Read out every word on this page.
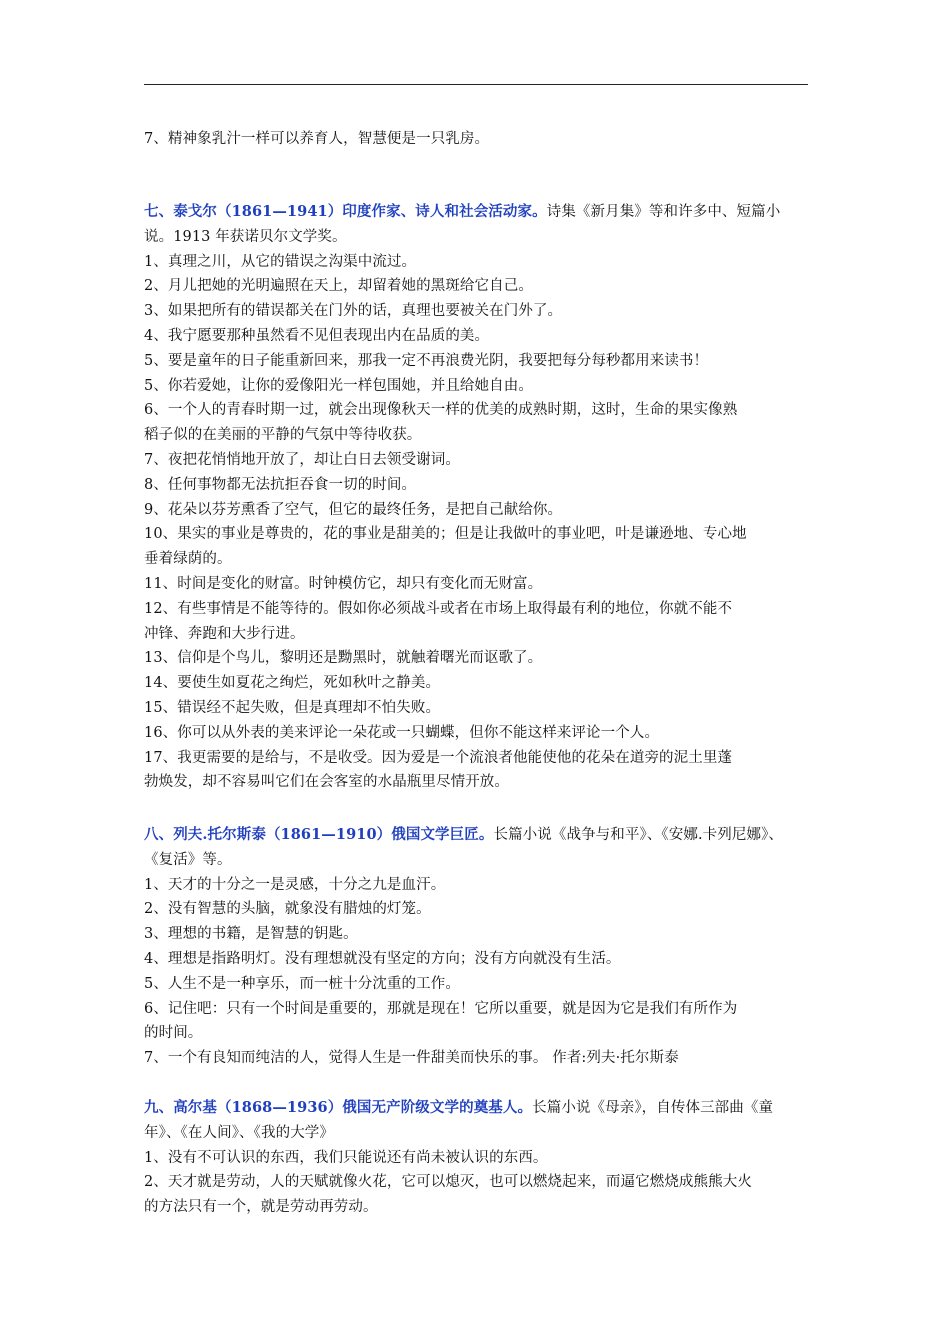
7、精神象乳汁一样可以养育人，智慧便是一只乳房。
七、泰戈尔（1861—1941）印度作家、诗人和社会活动家。诗集《新月集》等和许多中、短篇小
说。1913 年获诺贝尔文学奖。
1、真理之川，从它的错误之沟渠中流过。
2、月儿把她的光明遍照在天上，却留着她的黑斑给它自己。
3、如果把所有的错误都关在门外的话，真理也要被关在门外了。
4、我宁愿要那种虽然看不见但表现出内在品质的美。
5、要是童年的日子能重新回来，那我一定不再浪费光阴，我要把每分每秒都用来读书！
5、你若爱她，让你的爱像阳光一样包围她，并且给她自由。
6、一个人的青春时期一过，就会出现像秋天一样的优美的成熟时期，这时，生命的果实像熟
稻子似的在美丽的平静的气氛中等待收获。
7、夜把花悄悄地开放了，却让白日去领受谢词。
8、任何事物都无法抗拒吞食一切的时间。
9、花朵以芬芳熏香了空气，但它的最终任务，是把自己献给你。
10、果实的事业是尊贵的，花的事业是甜美的；但是让我做叶的事业吧，叶是谦逊地、专心地
垂着绿荫的。
11、时间是变化的财富。时钟模仿它，却只有变化而无财富。
12、有些事情是不能等待的。假如你必须战斗或者在市场上取得最有利的地位，你就不能不
冲锋、奔跑和大步行进。
13、信仰是个鸟儿，黎明还是黝黑时，就触着曙光而讴歌了。
14、要使生如夏花之绚烂，死如秋叶之静美。
15、错误经不起失败，但是真理却不怕失败。
16、你可以从外表的美来评论一朵花或一只蝴蝶，但你不能这样来评论一个人。
17、我更需要的是给与，不是收受。因为爱是一个流浪者他能使他的花朵在道旁的泥土里蓬
勃焕发，却不容易叫它们在会客室的水晶瓶里尽情开放。
八、列夫.托尔斯泰（1861—1910）俄国文学巨匠。长篇小说《战争与和平》、《安娜.卡列尼娜》、
《复活》等。
1、天才的十分之一是灵感，十分之九是血汗。
2、没有智慧的头脑，就象没有腊烛的灯笼。
3、理想的书籍，是智慧的钥匙。
4、理想是指路明灯。没有理想就没有坚定的方向；没有方向就没有生活。
5、人生不是一种享乐，而一桩十分沈重的工作。
6、记住吧：只有一个时间是重要的，那就是现在！它所以重要，就是因为它是我们有所作为
的时间。
7、一个有良知而纯洁的人，觉得人生是一件甜美而快乐的事。 作者:列夫·托尔斯泰
九、高尔基（1868—1936）俄国无产阶级文学的奠基人。长篇小说《母亲》，自传体三部曲《童
年》、《在人间》、《我的大学》
1、没有不可认识的东西，我们只能说还有尚未被认识的东西。
2、天才就是劳动，人的天赋就像火花，它可以熄灭，也可以燃烧起来，而逼它燃烧成熊熊大火
的方法只有一个，就是劳动再劳动。
